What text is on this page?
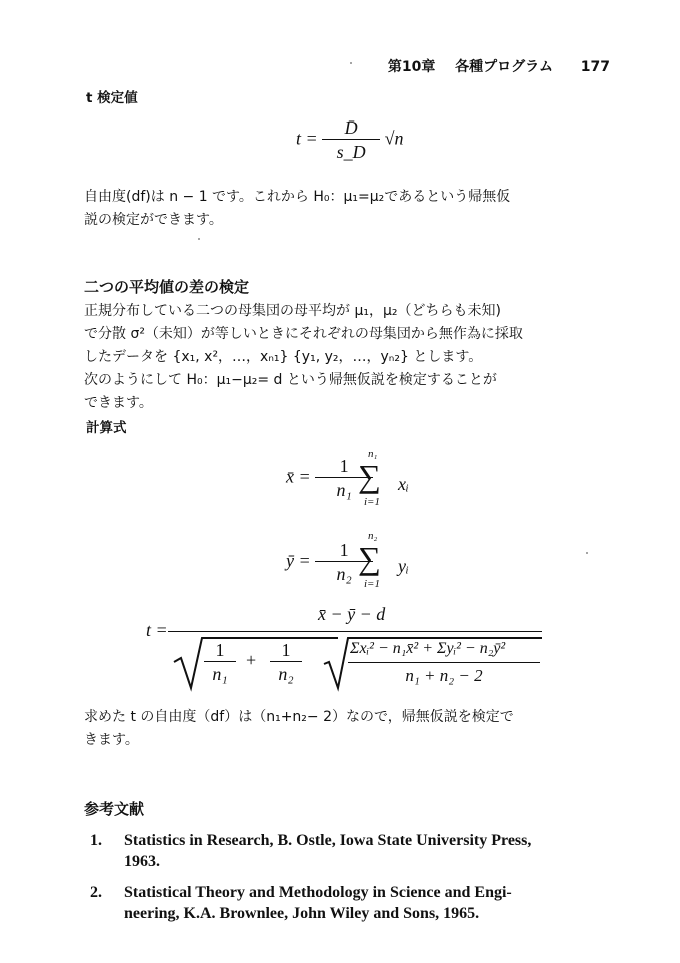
第10章 各種プログラム 177
t 検定値
$t = \frac{D̄}{s\_D} √n$

自由度(df)は n − 1 です。これから H₀：μ₁=μ₂であるという帰無仮

説の検定ができます。

二つの平均値の差の検定

正規分布している二つの母集団の母平均が μ₁，μ₂（どちらも未知)

で分散 σ²（未知）が等しいときにそれぞれの母集団から無作為に採取

したデータを {x₁, x²，…，xₙ₁} {y₁, y₂，…，yₙ₂} とします。

次のようにして H₀：μ₁−μ₂= d という帰無仮説を検定することが

できます。

計算式
x̄ = $\frac{1}{\text{n₁}}$
n₁
∑
i=1
xᵢ
ȳ = $\frac{1}{\text{n₂}}$
n₂
∑
i=1
yᵢ
t =
x̄ − ȳ − d
1
n₁
+	1
n₂
Σxᵢ² − n₁x̄² + Σyᵢ² − n₂ȳ²
n₁ + n₂ − 2

求めた t の自由度（df）は（n₁+n₂− 2）なので，帰無仮説を検定で

きます。

参考文献
1. Statistics in Research, B. Ostle, Iowa State University Press,
1963.
2. Statistical Theory and Methodology in Science and Engi-
neering, K.A. Brownlee, John Wiley and Sons, 1965.
